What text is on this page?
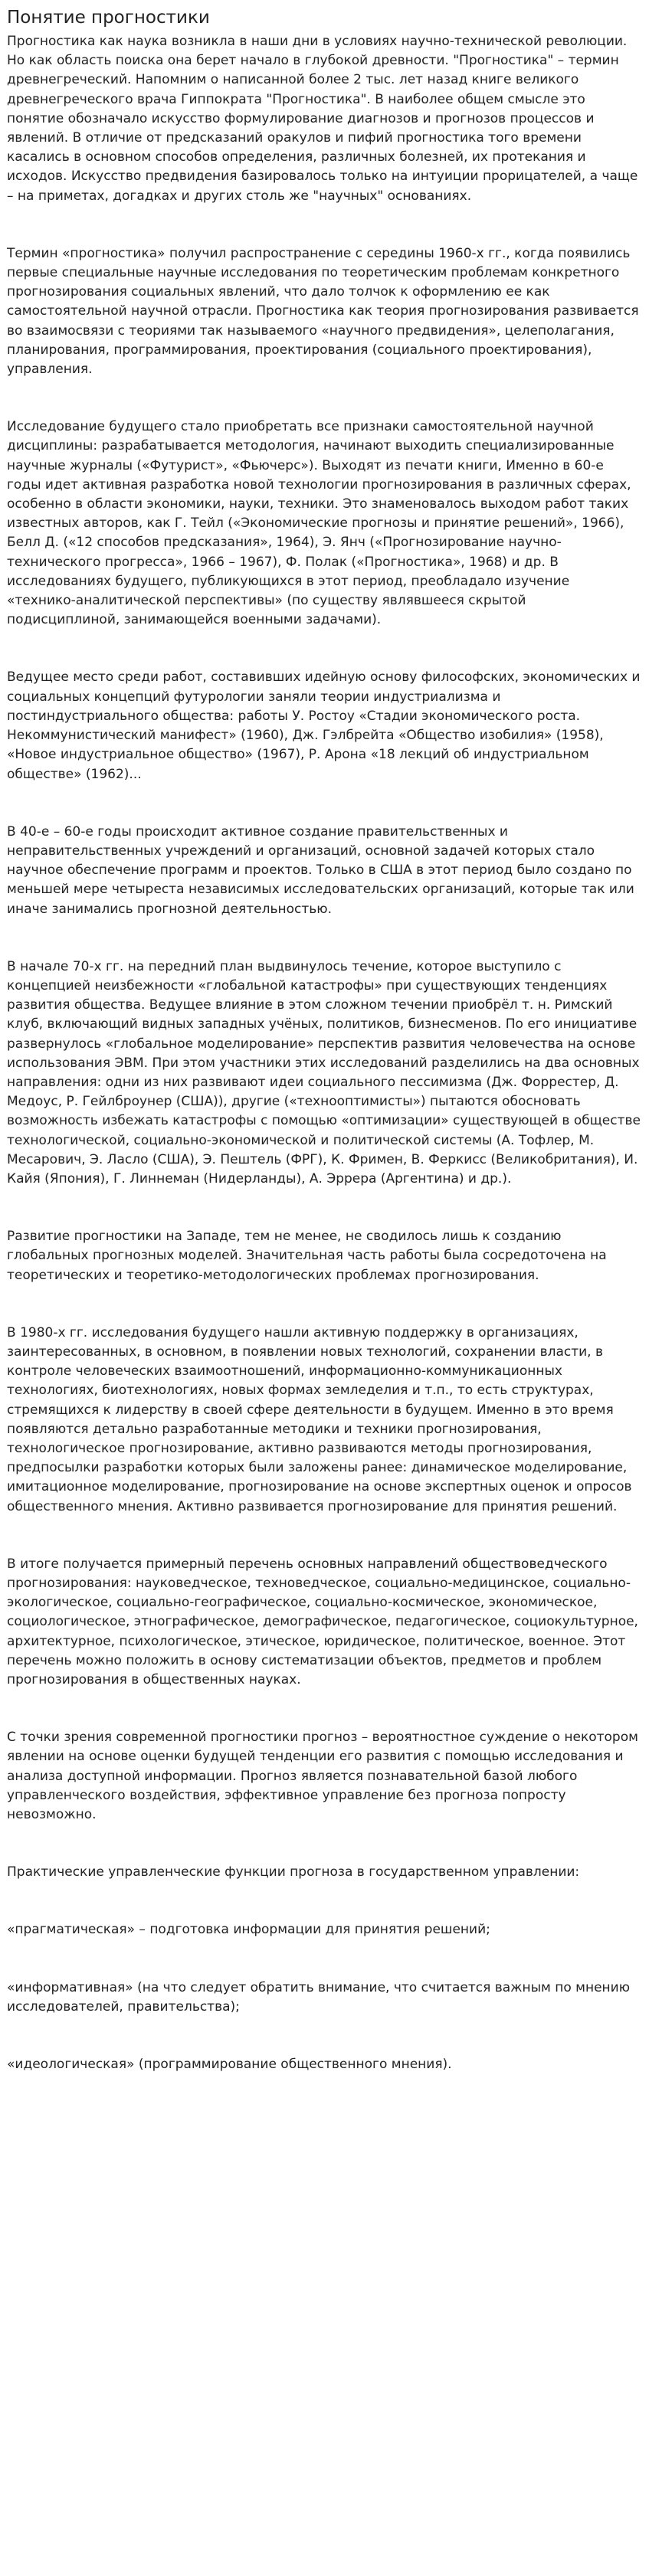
Понятие прогностики

Прогностика как наука возникла в наши дни в условиях научно-технической революции. Но как область поиска она берет начало в глубокой древности. "Прогностика" – термин древнегреческий. Напомним о написанной более 2 тыс. лет назад книге великого древнегреческого врача Гиппократа "Прогностика". В наиболее общем смысле это понятие обозначало искусство формулирование диагнозов и прогнозов процессов и явлений. В отличие от предсказаний оракулов и пифий прогностика того времени касались в основном способов определения, различных болезней, их протекания и исходов. Искусство предвидения базировалось только на интуиции прорицателей, а чаще – на приметах, догадках и других столь же "научных" основаниях.

Термин «прогностика» получил распространение с середины 1960-х гг., когда появились первые специальные научные исследования по теоретическим проблемам конкретного прогнозирования социальных явлений, что дало толчок к оформлению ее как самостоятельной научной отрасли. Прогностика как теория прогнозирования развивается во взаимосвязи с теориями так называемого «научного предвидения», целеполагания, планирования, программирования, проектирования (социального проектирования), управления.

Исследование будущего стало приобретать все признаки самостоятельной научной дисциплины: разрабатывается методология, начинают выходить специализированные научные журналы («Футурист», «Фьючерс»). Выходят из печати книги, Именно в 60-е годы идет активная разработка новой технологии прогнозирования в различных сферах, особенно в области экономики, науки, техники. Это знаменовалось выходом работ таких известных авторов, как Г. Тейл («Экономические прогнозы и принятие решений», 1966), Белл Д. («12 способов предсказания», 1964), Э. Янч («Прогнозирование научно-технического прогресса», 1966 – 1967), Ф. Полак («Прогностика», 1968) и др. В исследованиях будущего, публикующихся в этот период, преобладало изучение «технико-аналитической перспективы» (по существу являвшееся скрытой подисциплиной, занимающейся военными задачами).

Ведущее место среди работ, составивших идейную основу философских, экономических и социальных концепций футурологии заняли теории индустриализма и постиндустриального общества: работы У. Ростоу «Стадии экономического роста. Некоммунистический манифест» (1960), Дж. Гэлбрейта «Общество изобилия» (1958), «Новое индустриальное общество» (1967), Р. Арона «18 лекций об индустриальном обществе» (1962)...

В 40-е – 60-е годы происходит активное создание правительственных и неправительственных учреждений и организаций, основной задачей которых стало научное обеспечение программ и проектов. Только в США в этот период было создано по меньшей мере четыреста независимых исследовательских организаций, которые так или иначе занимались прогнозной деятельностью.

В начале 70-х гг. на передний план выдвинулось течение, которое выступило с концепцией неизбежности «глобальной катастрофы» при существующих тенденциях развития общества. Ведущее влияние в этом сложном течении приобрёл т. н. Римский клуб, включающий видных западных учёных, политиков, бизнесменов. По его инициативе развернулось «глобальное моделирование» перспектив развития человечества на основе использования ЭВМ. При этом участники этих исследований разделились на два основных направления: одни из них развивают идеи социального пессимизма (Дж. Форрестер, Д. Медоус, Р. Гейлброунер (США)), другие («технооптимисты») пытаются обосновать возможность избежать катастрофы с помощью «оптимизации» существующей в обществе технологической, социально-экономической и политической системы (А. Тофлер, М. Месарович, Э. Ласло (США), Э. Пештель (ФРГ), К. Фримен, В. Феркисс (Великобритания), И. Кайя (Япония), Г. Линнеман (Нидерланды), А. Эррера (Аргентина) и др.).

Развитие прогностики на Западе, тем не менее, не сводилось лишь к созданию глобальных прогнозных моделей. Значительная часть работы была сосредоточена на теоретических и теоретико-методологических проблемах прогнозирования.

В 1980-х гг. исследования будущего нашли активную поддержку в организациях, заинтересованных, в основном, в появлении новых технологий, сохранении власти, в контроле человеческих взаимоотношений, информационно-коммуникационных технологиях, биотехнологиях, новых формах земледелия и т.п., то есть структурах, стремящихся к лидерству в своей сфере деятельности в будущем. Именно в это время появляются детально разработанные методики и техники прогнозирования, технологическое прогнозирование, активно развиваются методы прогнозирования, предпосылки разработки которых были заложены ранее: динамическое моделирование, имитационное моделирование, прогнозирование на основе экспертных оценок и опросов общественного мнения. Активно развивается прогнозирование для принятия решений.

В итоге получается примерный перечень основных направлений обществоведческого прогнозирования: науковедческое, техноведческое, социально-медицинское, социально-экологическое, социально-географическое, социально-космическое, экономическое, социологическое, этнографическое, демографическое, педагогическое, социокультурное, архитектурное, психологическое, этическое, юридическое, политическое, военное. Этот перечень можно положить в основу систематизации объектов, предметов и проблем прогнозирования в общественных науках.

С точки зрения современной прогностики прогноз – вероятностное суждение о некотором явлении на основе оценки будущей тенденции его развития с помощью исследования и анализа доступной информации. Прогноз является познавательной базой любого управленческого воздействия, эффективное управление без прогноза попросту невозможно.

Практические управленческие функции прогноза в государственном управлении:

«прагматическая» – подготовка информации для принятия решений;

«информативная» (на что следует обратить внимание, что считается важным по мнению исследователей, правительства);

«идеологическая» (программирование общественного мнения).
